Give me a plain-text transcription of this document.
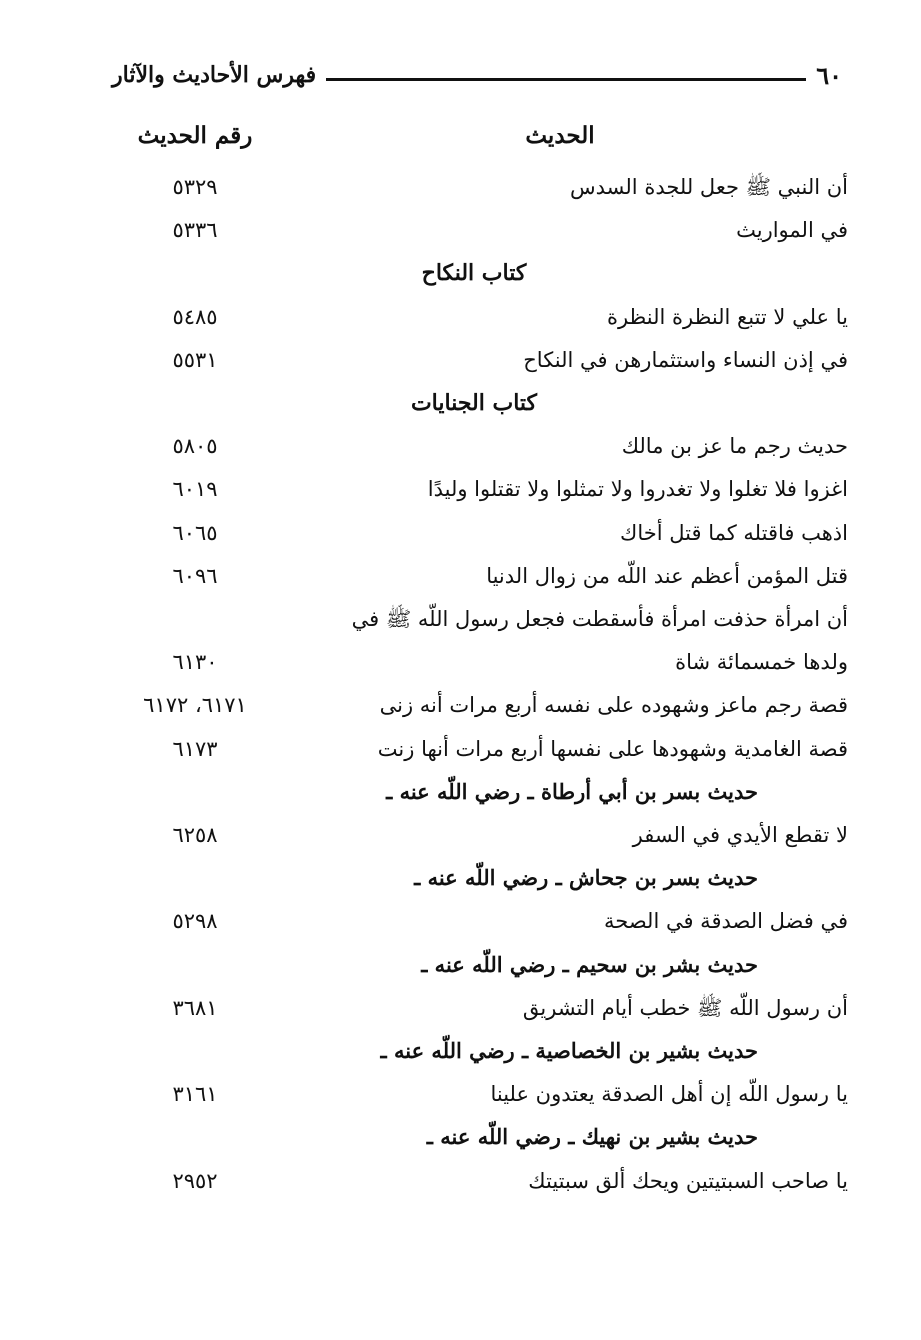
٦٠
فهرس الأحاديث والآثار
الحديث
رقم الحديث
أن النبي ﷺ جعل للجدة السدس
٥٣٢٩
في المواريث
٥٣٣٦
كتاب النكاح
يا علي لا تتبع النظرة النظرة
٥٤٨٥
في إذن النساء واستثمارهن في النكاح
٥٥٣١
كتاب الجنايات
حديث رجم ما عز بن مالك
٥٨٠٥
اغزوا فلا تغلوا ولا تغدروا ولا تمثلوا ولا تقتلوا وليدًا
٦٠١٩
اذهب فاقتله كما قتل أخاك
٦٠٦٥
قتل المؤمن أعظم عند اللّه من زوال الدنيا
٦٠٩٦
أن امرأة حذفت امرأة فأسقطت فجعل رسول اللّه ﷺ في
ولدها خمسمائة شاة
٦١٣٠
قصة رجم ماعز وشهوده على نفسه أربع مرات أنه زنى
٦١٧١، ٦١٧٢
قصة الغامدية وشهودها على نفسها أربع مرات أنها زنت
٦١٧٣
حديث بسر بن أبي أرطاة ـ رضي اللّه عنه ـ
لا تقطع الأيدي في السفر
٦٢٥٨
حديث بسر بن جحاش ـ رضي اللّه عنه ـ
في فضل الصدقة في الصحة
٥٢٩٨
حديث بشر بن سحيم ـ رضي اللّه عنه ـ
أن رسول اللّه ﷺ خطب أيام التشريق
٣٦٨١
حديث بشير بن الخصاصية ـ رضي اللّه عنه ـ
يا رسول اللّه إن أهل الصدقة يعتدون علينا
٣١٦١
حديث بشير بن نهيك ـ رضي اللّه عنه ـ
يا صاحب السبتيتين ويحك ألق سبتيتك
٢٩٥٢
